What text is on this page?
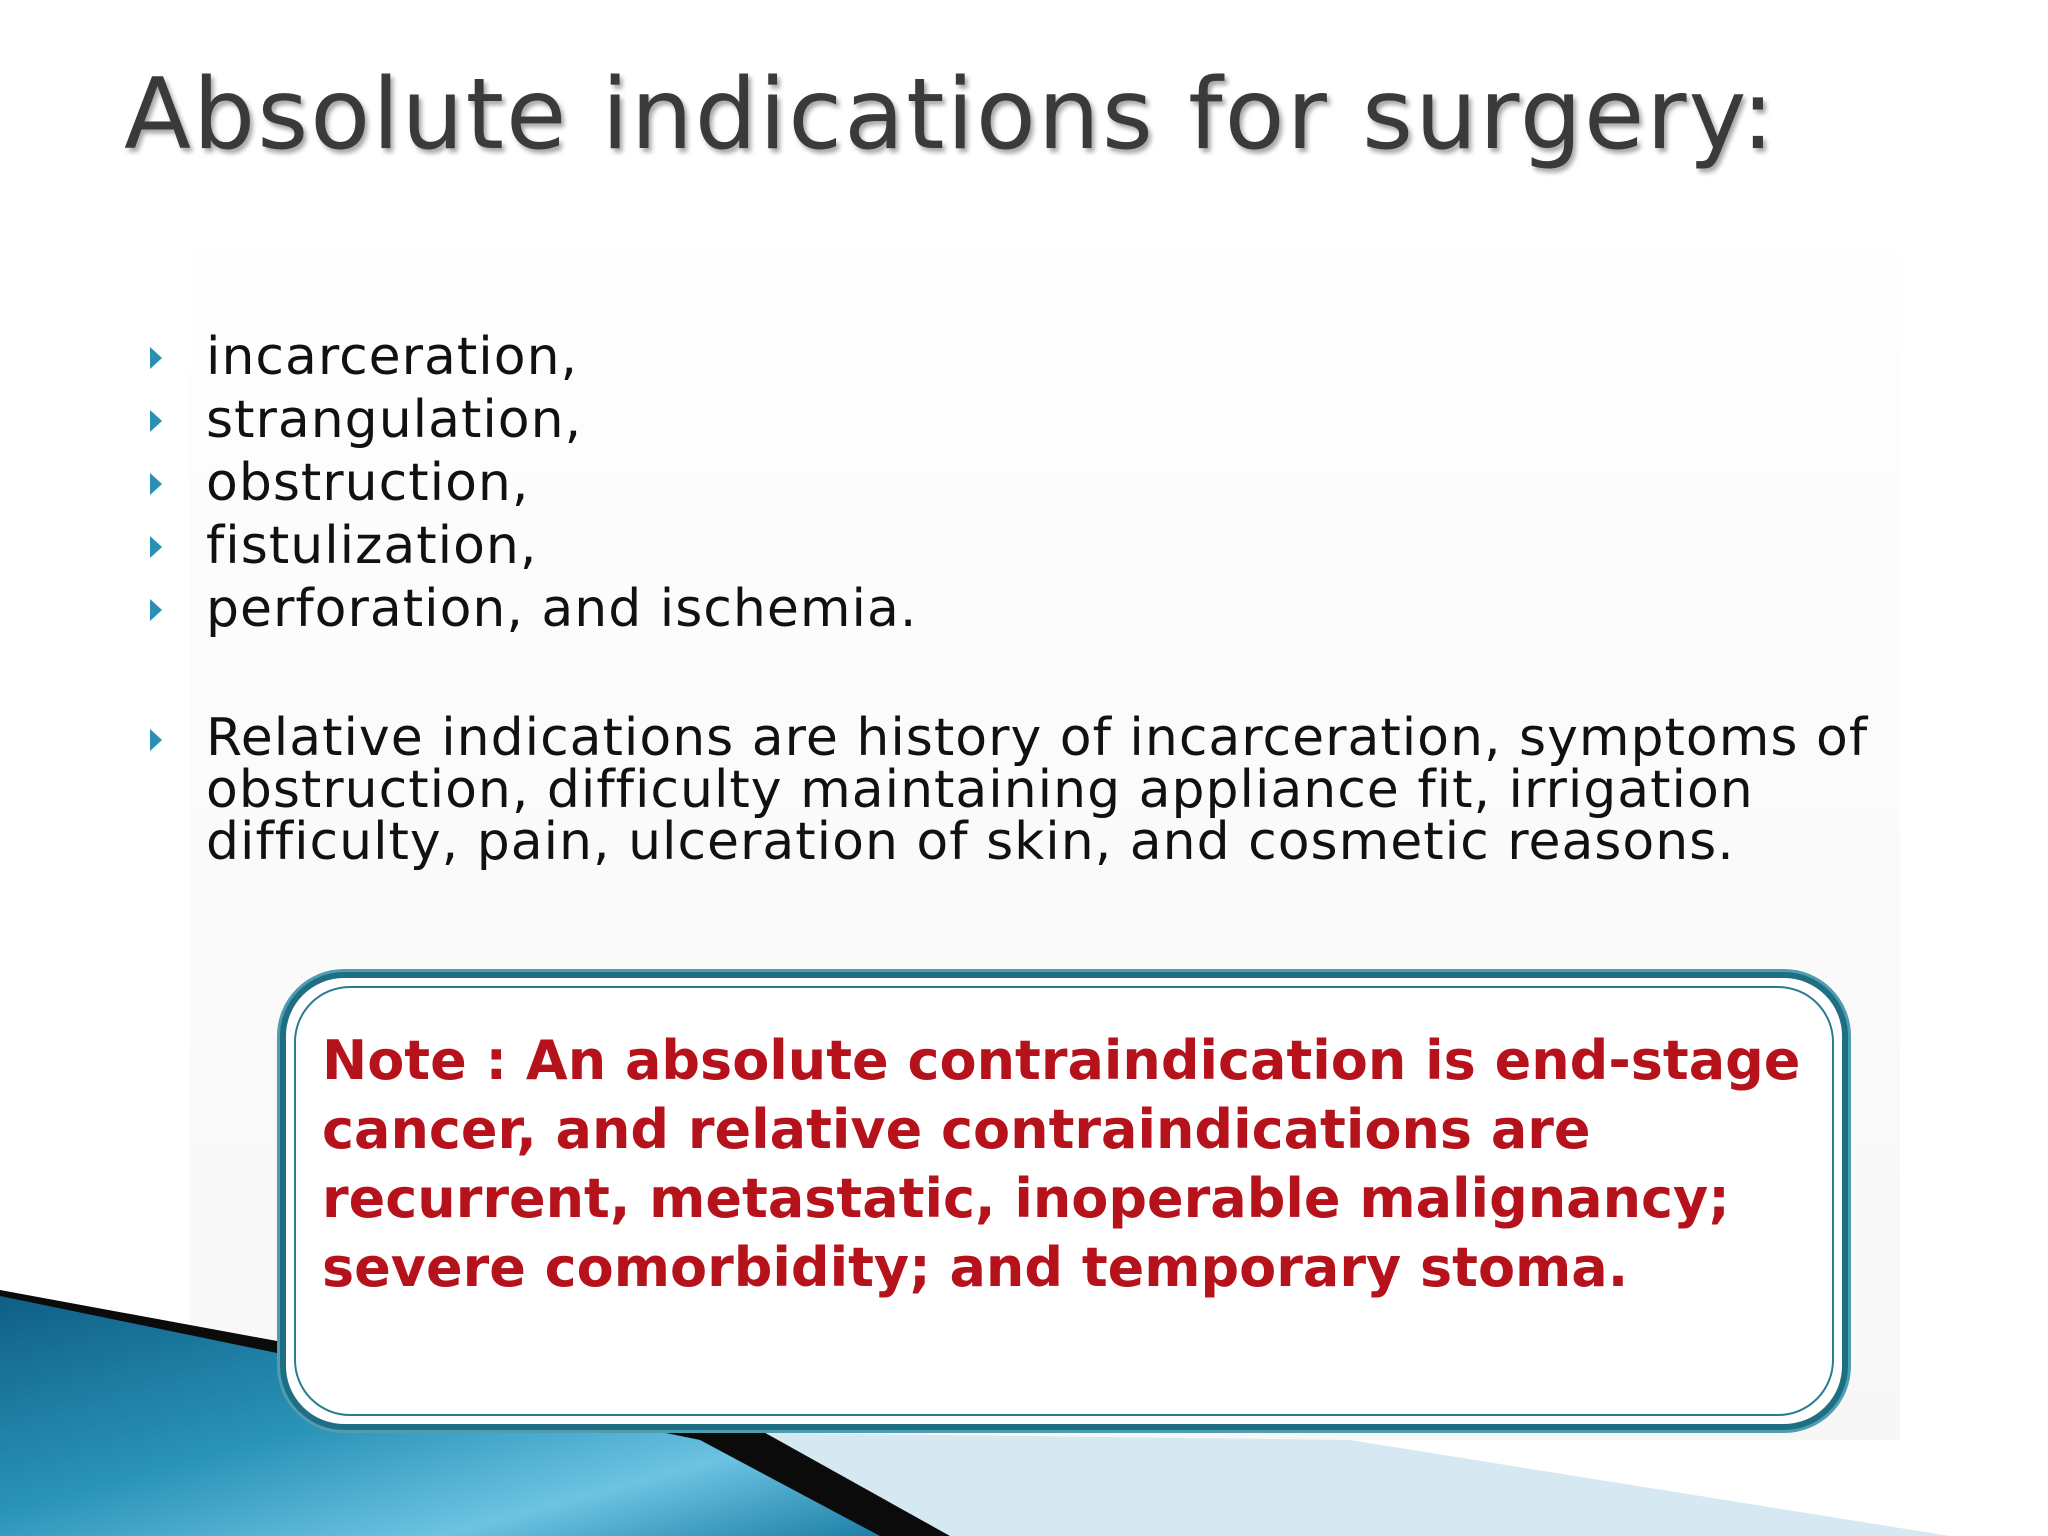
Absolute indications for surgery:
incarceration,
strangulation,
obstruction,
fistulization,
perforation, and ischemia.
Relative indications are history of incarceration, symptoms of obstruction, difficulty maintaining appliance fit, irrigation difficulty, pain, ulceration of skin, and cosmetic reasons.

Note : An absolute contraindication is end-stage cancer, and relative contraindications are recurrent, metastatic, inoperable malignancy; severe comorbidity; and temporary stoma.
